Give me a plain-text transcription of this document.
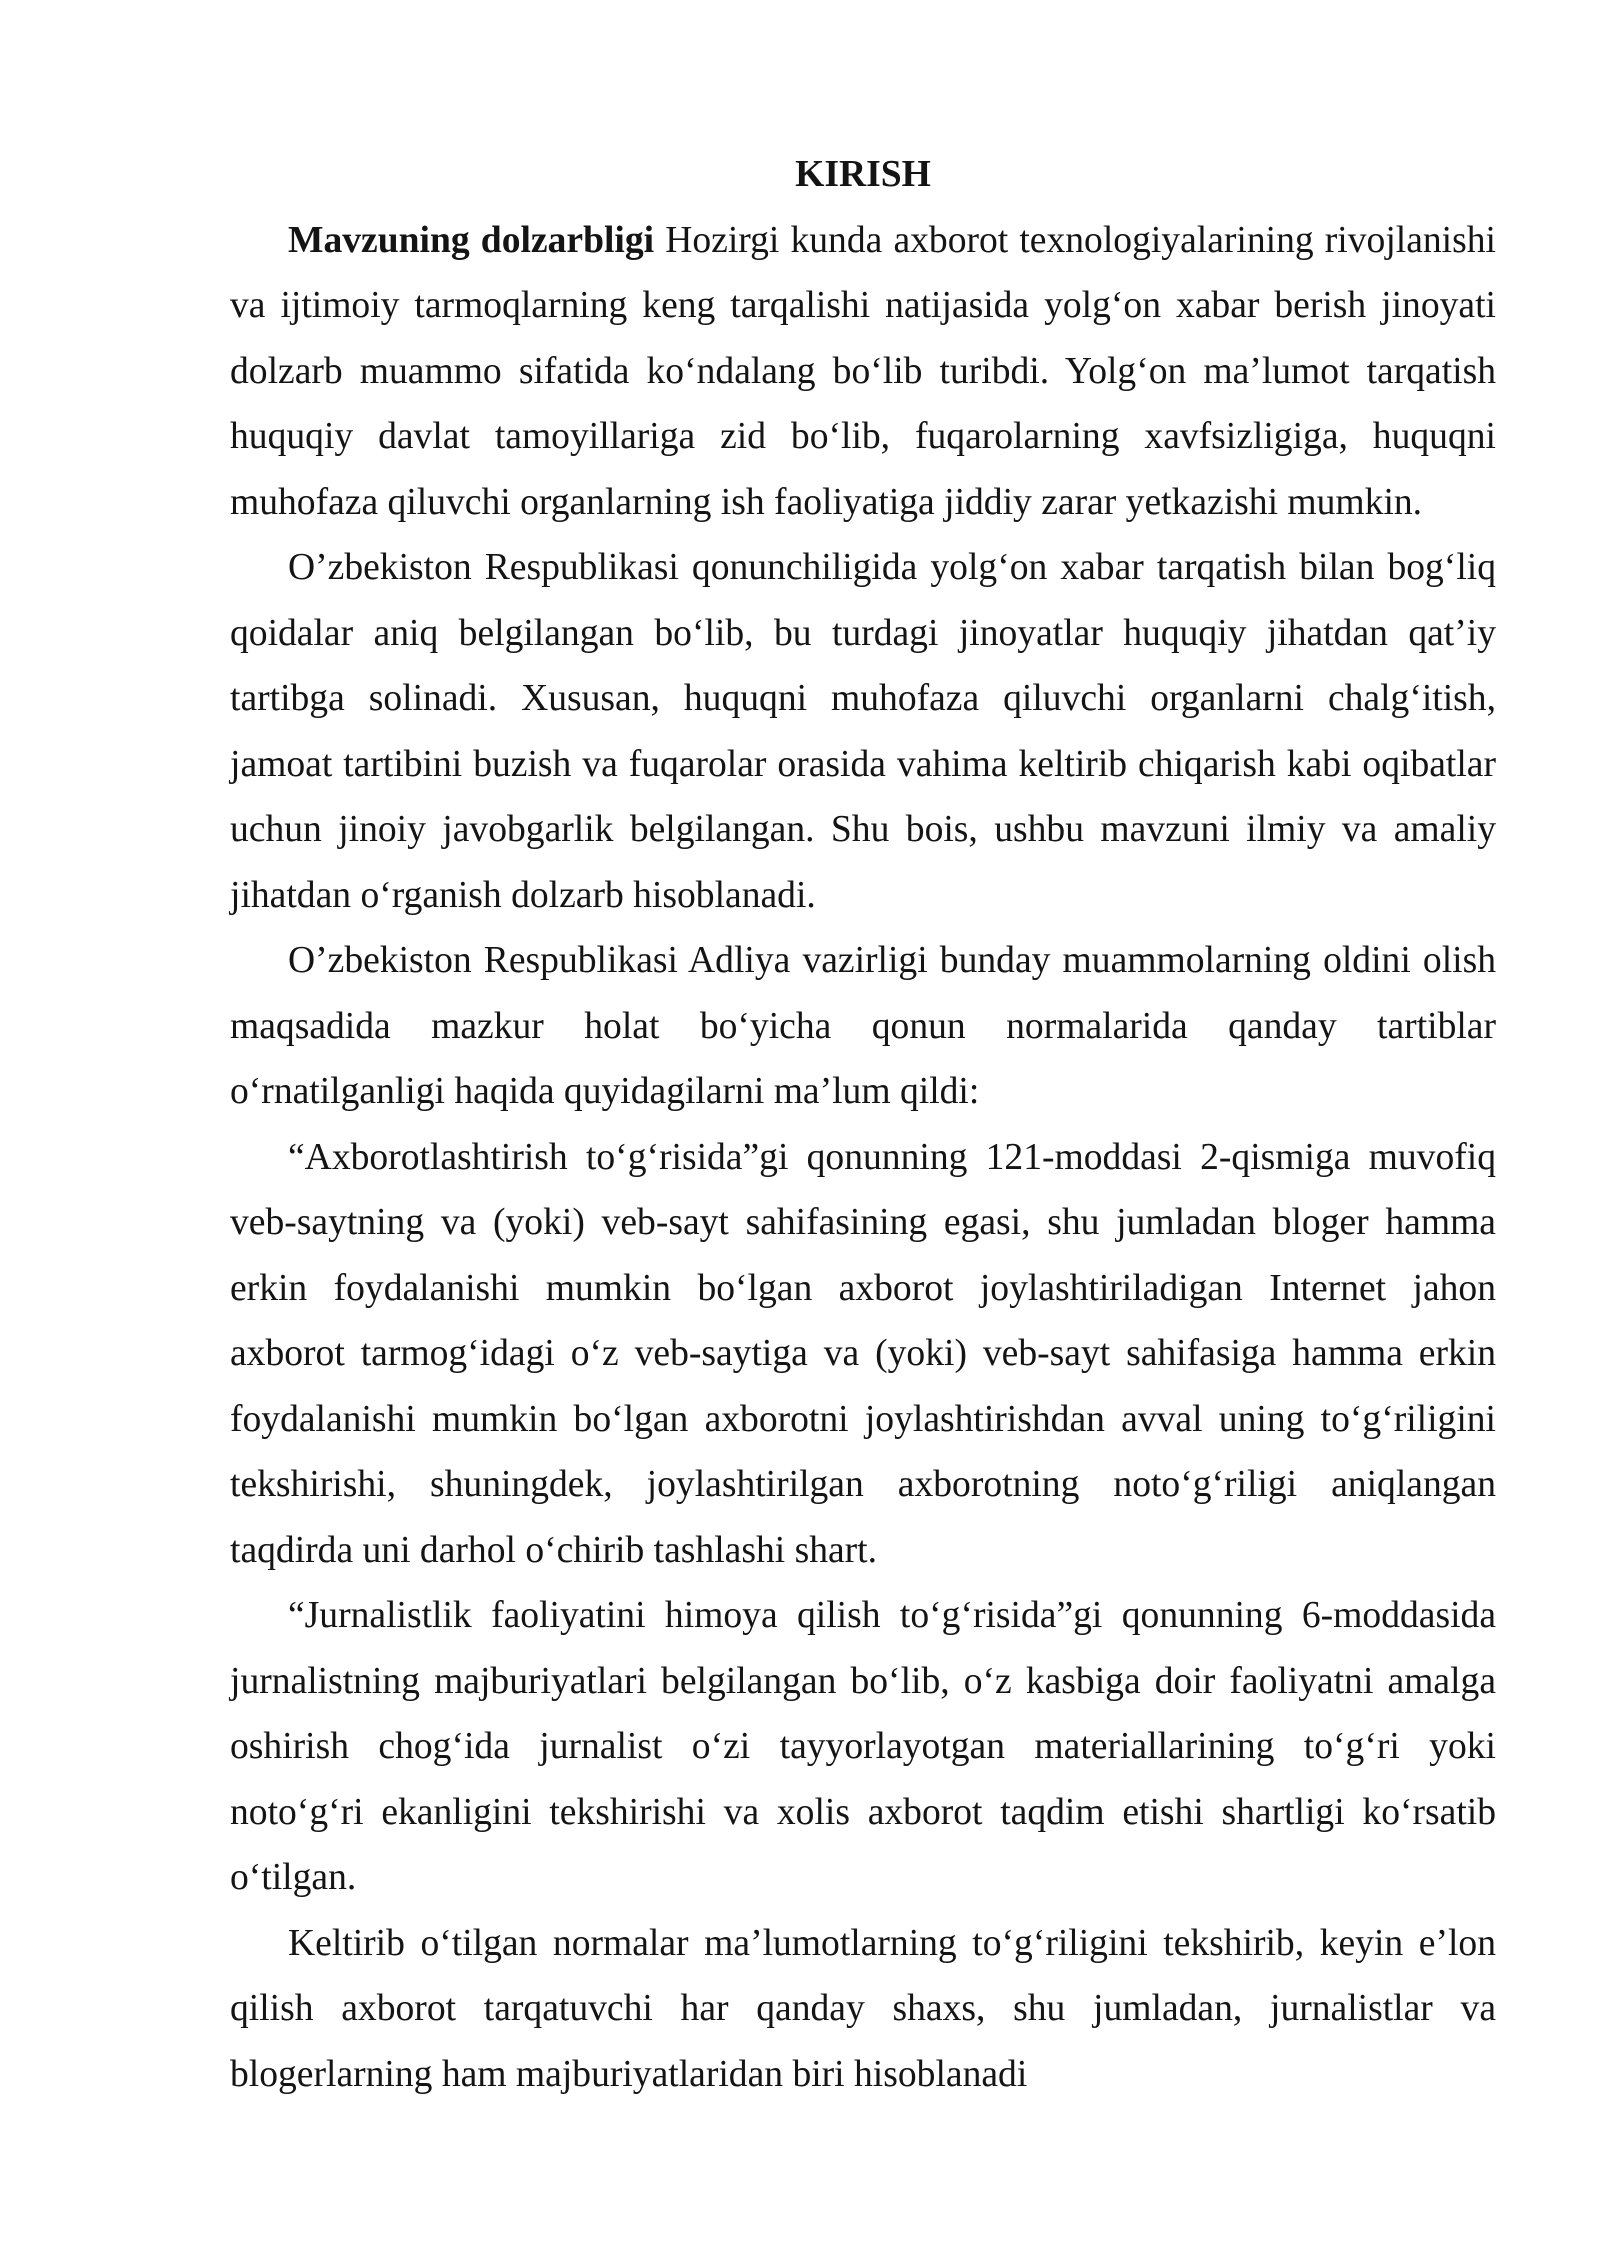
KIRISH
Mavzuning dolzarbligi Hozirgi kunda axborot texnologiyalarining rivojlanishi
va ijtimoiy tarmoqlarning keng tarqalishi natijasida yolg‘on xabar berish jinoyati
dolzarb muammo sifatida ko‘ndalang bo‘lib turibdi. Yolg‘on ma’lumot tarqatish
huquqiy davlat tamoyillariga zid bo‘lib, fuqarolarning xavfsizligiga, huquqni
muhofaza qiluvchi organlarning ish faoliyatiga jiddiy zarar yetkazishi mumkin.
O’zbekiston Respublikasi qonunchiligida yolg‘on xabar tarqatish bilan bog‘liq
qoidalar aniq belgilangan bo‘lib, bu turdagi jinoyatlar huquqiy jihatdan qat’iy
tartibga solinadi. Xususan, huquqni muhofaza qiluvchi organlarni chalg‘itish,
jamoat tartibini buzish va fuqarolar orasida vahima keltirib chiqarish kabi oqibatlar
uchun jinoiy javobgarlik belgilangan. Shu bois, ushbu mavzuni ilmiy va amaliy
jihatdan o‘rganish dolzarb hisoblanadi.
O’zbekiston Respublikasi Adliya vazirligi bunday muammolarning oldini olish
maqsadida mazkur holat bo‘yicha qonun normalarida qanday tartiblar
o‘rnatilganligi haqida quyidagilarni ma’lum qildi:
“Axborotlashtirish to‘g‘risida”gi qonunning 121-moddasi 2-qismiga muvofiq
veb-saytning va (yoki) veb-sayt sahifasining egasi, shu jumladan bloger hamma
erkin foydalanishi mumkin bo‘lgan axborot joylashtiriladigan Internet jahon
axborot tarmog‘idagi o‘z veb-saytiga va (yoki) veb-sayt sahifasiga hamma erkin
foydalanishi mumkin bo‘lgan axborotni joylashtirishdan avval uning to‘g‘riligini
tekshirishi, shuningdek, joylashtirilgan axborotning noto‘g‘riligi aniqlangan
taqdirda uni darhol o‘chirib tashlashi shart.
“Jurnalistlik faoliyatini himoya qilish to‘g‘risida”gi qonunning 6-moddasida
jurnalistning majburiyatlari belgilangan bo‘lib, o‘z kasbiga doir faoliyatni amalga
oshirish chog‘ida jurnalist o‘zi tayyorlayotgan materiallarining to‘g‘ri yoki
noto‘g‘ri ekanligini tekshirishi va xolis axborot taqdim etishi shartligi ko‘rsatib
o‘tilgan.
Keltirib o‘tilgan normalar ma’lumotlarning to‘g‘riligini tekshirib, keyin e’lon
qilish axborot tarqatuvchi har qanday shaxs, shu jumladan, jurnalistlar va
blogerlarning ham majburiyatlaridan biri hisoblanadi
